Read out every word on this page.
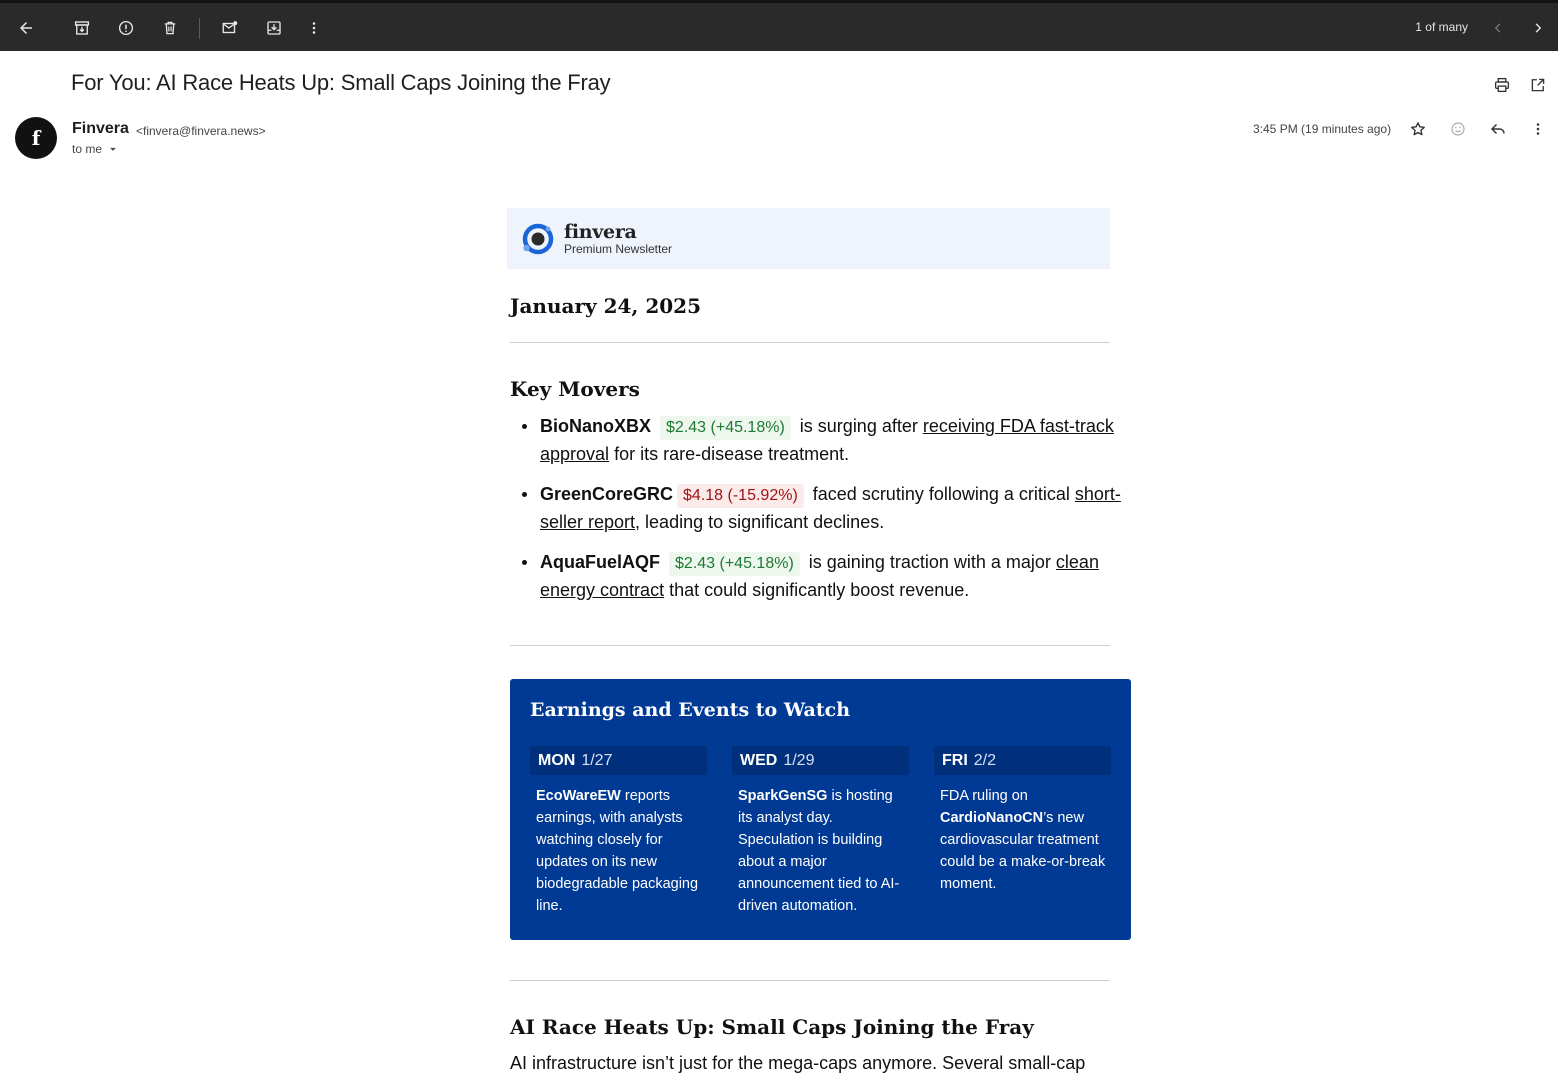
1 of many
For You: AI Race Heats Up: Small Caps Joining the Fray
f	Finvera <finvera@finvera.news>
to me
3:45 PM (19 minutes ago)
finvera
Premium Newsletter
January 24, 2025
Key Movers
BioNanoXBX $2.43 (+45.18%) is surging after receiving FDA fast-track approval for its rare-disease treatment.
GreenCoreGRC $4.18 (-15.92%) faced scrutiny following a critical short-seller report, leading to significant declines.
AquaFuelAQF $2.43 (+45.18%) is gaining traction with a major clean energy contract that could significantly boost revenue.
Earnings and Events to Watch
MON 1/27
EcoWareEW reports earnings, with analysts watching closely for updates on its new biodegradable packaging line.
WED 1/29
SparkGenSG is hosting its analyst day. Speculation is building about a major announcement tied to AI-driven automation.
FRI 2/2
FDA ruling on CardioNanoCN’s new cardiovascular treatment could be a make-or-break moment.
AI Race Heats Up: Small Caps Joining the Fray
AI infrastructure isn’t just for the mega-caps anymore. Several small-cap
